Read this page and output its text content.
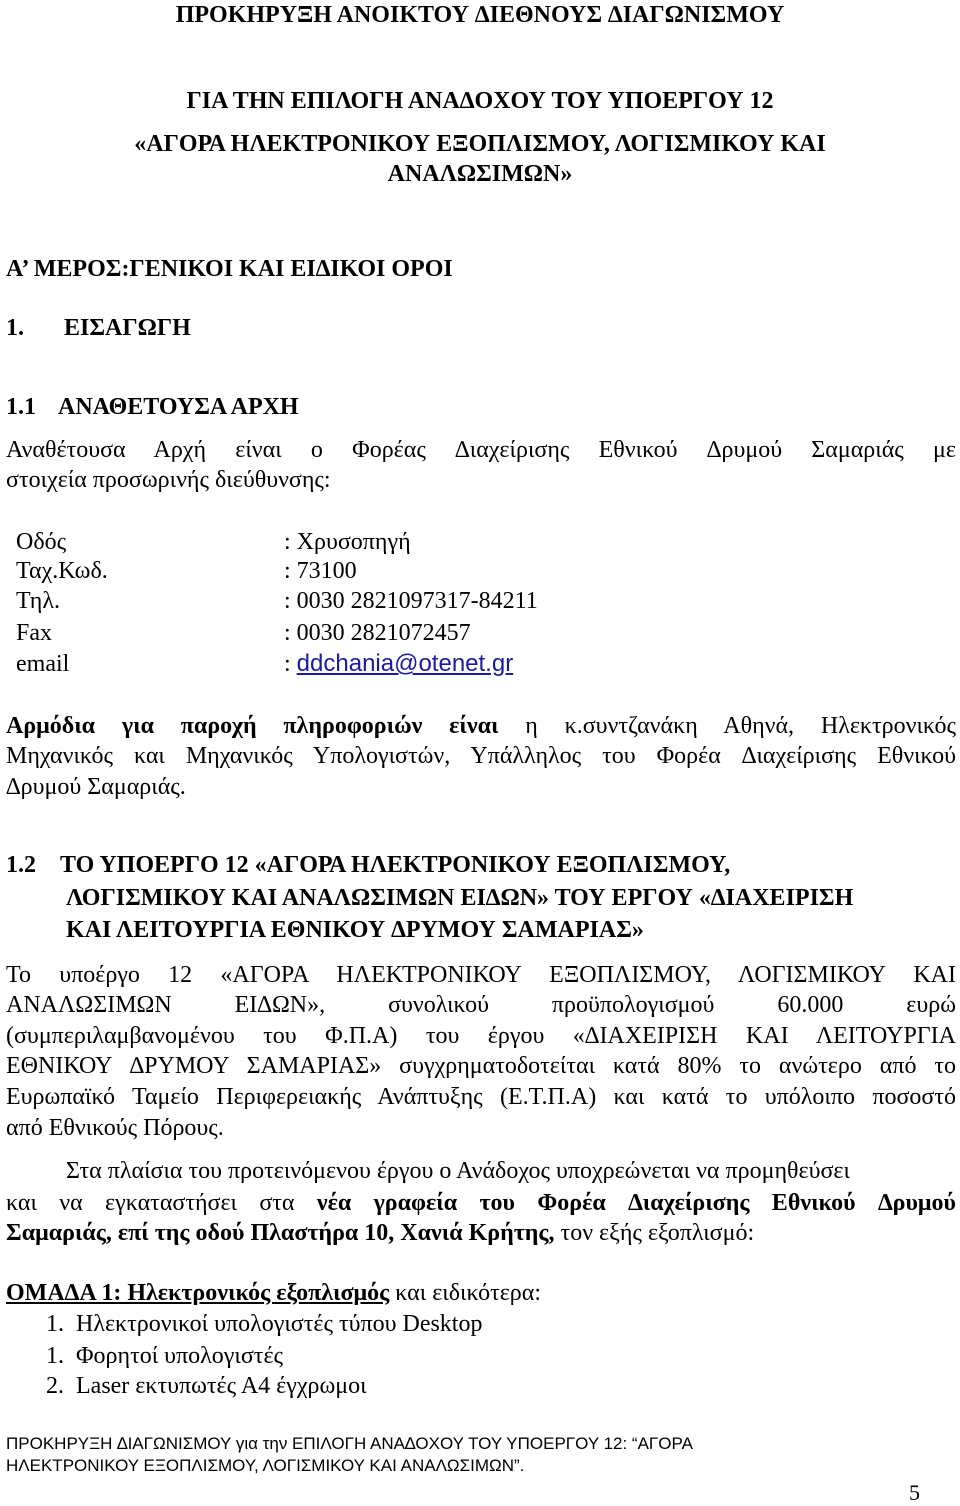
ΠΡΟΚΗΡΥΞΗ ΑΝΟΙΚΤΟΥ ∆ΙΕΘΝΟΥΣ ∆ΙΑΓΩΝΙΣΜΟΥ
ΓΙΑ ΤΗΝ ΕΠΙΛΟΓΗ ΑΝΑ∆ΟΧΟΥ ΤΟΥ ΥΠΟΕΡΓΟΥ 12
«ΑΓΟΡΑ ΗΛΕΚΤΡΟΝΙΚΟΥ ΕΞΟΠΛΙΣΜΟΥ, ΛΟΓΙΣΜΙΚΟΥ ΚΑΙ
ΑΝΑΛΩΣΙΜΩΝ»
Α’ ΜΕΡΟΣ:ΓΕΝΙΚΟΙ ΚΑΙ ΕΙ∆ΙΚΟΙ ΟΡΟΙ
1. ΕΙΣΑΓΩΓΗ
1.1 ΑΝΑΘΕΤΟΥΣΑ ΑΡΧΗ
Αναθέτουσα Αρχή είναι ο Φορέας ∆ιαχείρισης Εθνικού ∆ρυμού Σαμαριάς με
στοιχεία προσωρινής διεύθυνσης:
Οδός	: Χρυσοπηγή
Ταχ.Κωδ.	: 73100
Τηλ.	: 0030 2821097317-84211
Fax	: 0030 2821072457
email	: ddchania@otenet.gr
Αρμόδια για παροχή πληροφοριών είναι η κ.συντζανάκη Αθηνά, Ηλεκτρονικός
Μηχανικός και Μηχανικός Υπολογιστών, Υπάλληλος του Φορέα ∆ιαχείρισης Εθνικού
∆ρυμού Σαμαριάς.
1.2 ΤΟ ΥΠΟΕΡΓΟ 12 «ΑΓΟΡΑ ΗΛΕΚΤΡΟΝΙΚΟΥ ΕΞΟΠΛΙΣΜΟΥ,
ΛΟΓΙΣΜΙΚΟΥ ΚΑΙ ΑΝΑΛΩΣΙΜΩΝ ΕΙ∆ΩΝ» ΤΟΥ ΕΡΓΟΥ «∆ΙΑΧΕΙΡΙΣΗ
ΚΑΙ ΛΕΙΤΟΥΡΓΙΑ ΕΘΝΙΚΟΥ ∆ΡΥΜΟΥ ΣΑΜΑΡΙΑΣ»
Το υποέργο 12 «ΑΓΟΡΑ ΗΛΕΚΤΡΟΝΙΚΟΥ ΕΞΟΠΛΙΣΜΟΥ, ΛΟΓΙΣΜΙΚΟΥ ΚΑΙ
ΑΝΑΛΩΣΙΜΩΝ ΕΙ∆ΩΝ», συνολικού προϋπολογισμού 60.000 ευρώ
(συμπεριλαμβανομένου του Φ.Π.Α) του έργου «∆ΙΑΧΕΙΡΙΣΗ ΚΑΙ ΛΕΙΤΟΥΡΓΙΑ
ΕΘΝΙΚΟΥ ∆ΡΥΜΟΥ ΣΑΜΑΡΙΑΣ» συγχρηματοδοτείται κατά 80% το ανώτερο από το
Ευρωπαϊκό Ταμείο Περιφερειακής Ανάπτυξης (Ε.Τ.Π.Α) και κατά το υπόλοιπο ποσοστό
από Εθνικούς Πόρους.
Στα πλαίσια του προτεινόμενου έργου ο Ανάδοχος υποχρεώνεται να προμηθεύσει
και να εγκαταστήσει στα νέα γραφεία του Φορέα ∆ιαχείρισης Εθνικού ∆ρυμού
Σαμαριάς, επί της οδού Πλαστήρα 10, Χανιά Κρήτης, τον εξής εξοπλισμό:
ΟΜΑ∆Α 1: Ηλεκτρονικός εξοπλισμός και ειδικότερα:
1. Ηλεκτρονικοί υπολογιστές τύπου Desktop
1. Φορητοί υπολογιστές
2. Laser εκτυπωτές Α4 έγχρωμοι
ΠΡΟΚΗΡΥΞΗ ∆ΙΑΓΩΝΙΣΜΟΥ για την ΕΠΙΛΟΓΗ ΑΝΑ∆ΟΧΟΥ ΤΟΥ ΥΠΟΕΡΓΟΥ 12: “ΑΓΟΡΑ
ΗΛΕΚΤΡΟΝΙΚΟΥ ΕΞΟΠΛΙΣΜΟΥ, ΛΟΓΙΣΜΙΚΟΥ ΚΑΙ ΑΝΑΛΩΣΙΜΩΝ”.
5
